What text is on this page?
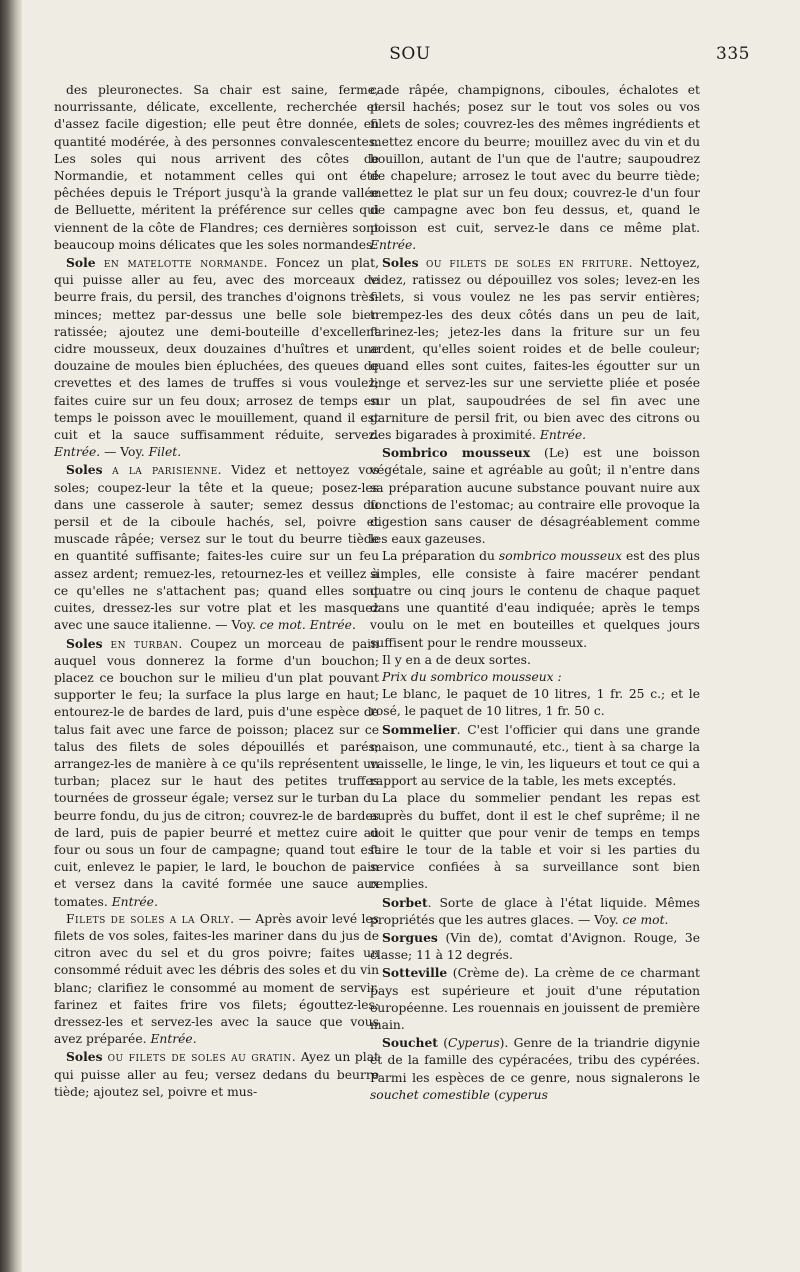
SOU	335

des pleuronectes. Sa chair est saine, ferme, nourrissante, délicate, excellente, recherchée et d'assez facile digestion; elle peut être donnée, en quantité modérée, à des personnes convalescentes. Les soles qui nous arrivent des côtes de Normandie, et notamment celles qui ont été pêchées depuis le Tréport jusqu'à la grande vallée de Belluette, méritent la préférence sur celles qui viennent de la côte de Flandres; ces dernières sont beaucoup moins délicates que les soles normandes.

Sole en matelotte normande. Foncez un plat, qui puisse aller au feu, avec des morceaux de beurre frais, du persil, des tranches d'oignons très-minces; mettez par-dessus une belle sole bien ratissée; ajoutez une demi-bouteille d'excellent cidre mousseux, deux douzaines d'huîtres et une douzaine de moules bien épluchées, des queues de crevettes et des lames de truffes si vous voulez; faites cuire sur un feu doux; arrosez de temps en temps le poisson avec le mouillement, quand il est cuit et la sauce suffisamment réduite, servez. Entrée. — Voy. Filet.

Soles a la parisienne. Videz et nettoyez vos soles; coupez-leur la tête et la queue; posez-les dans une casserole à sauter; semez dessus du persil et de la ciboule hachés, sel, poivre et muscade râpée; versez sur le tout du beurre tiède en quantité suffisante; faites-les cuire sur un feu assez ardent; remuez-les, retournez-les et veillez à ce qu'elles ne s'attachent pas; quand elles sont cuites, dressez-les sur votre plat et les masquez avec une sauce italienne. — Voy. ce mot. Entrée.

Soles en turban. Coupez un morceau de pain auquel vous donnerez la forme d'un bouchon; placez ce bouchon sur le milieu d'un plat pouvant supporter le feu; la surface la plus large en haut; entourez-le de bardes de lard, puis d'une espèce de talus fait avec une farce de poisson; placez sur ce talus des filets de soles dépouillés et parés; arrangez-les de manière à ce qu'ils représentent un turban; placez sur le haut des petites truffes tournées de grosseur égale; versez sur le turban du beurre fondu, du jus de citron; couvrez-le de bardes de lard, puis de papier beurré et mettez cuire au four ou sous un four de campagne; quand tout est cuit, enlevez le papier, le lard, le bouchon de pain et versez dans la cavité formée une sauce aux tomates. Entrée.

Filets de soles a la Orly. — Après avoir levé les filets de vos soles, faites-les mariner dans du jus de citron avec du sel et du gros poivre; faites un consommé réduit avec les débris des soles et du vin blanc; clarifiez le consommé au moment de servir, farinez et faites frire vos filets; égouttez-les; dressez-les et servez-les avec la sauce que vous avez préparée. Entrée.

Soles ou filets de soles au gratin. Ayez un plat qui puisse aller au feu; versez dedans du beurre tiède; ajoutez sel, poivre et mus-

cade râpée, champignons, ciboules, échalotes et persil hachés; posez sur le tout vos soles ou vos filets de soles; couvrez-les des mêmes ingrédients et mettez encore du beurre; mouillez avec du vin et du bouillon, autant de l'un que de l'autre; saupoudrez de chapelure; arrosez le tout avec du beurre tiède; mettez le plat sur un feu doux; couvrez-le d'un four de campagne avec bon feu dessus, et, quand le poisson est cuit, servez-le dans ce même plat. Entrée.

Soles ou filets de soles en friture. Nettoyez, videz, ratissez ou dépouillez vos soles; levez-en les filets, si vous voulez ne les pas servir entières; trempez-les des deux côtés dans un peu de lait, farinez-les; jetez-les dans la friture sur un feu ardent, qu'elles soient roides et de belle couleur; quand elles sont cuites, faites-les égoutter sur un linge et servez-les sur une serviette pliée et posée sur un plat, saupoudrées de sel fin avec une garniture de persil frit, ou bien avec des citrons ou des bigarades à proximité. Entrée.

Sombrico mousseux (Le) est une boisson végétale, saine et agréable au goût; il n'entre dans sa préparation aucune substance pouvant nuire aux fonctions de l'estomac; au contraire elle provoque la digestion sans causer de désagréablement comme les eaux gazeuses.

La préparation du sombrico mousseux est des plus simples, elle consiste à faire macérer pendant quatre ou cinq jours le contenu de chaque paquet dans une quantité d'eau indiquée; après le temps voulu on le met en bouteilles et quelques jours suffisent pour le rendre mousseux.

Il y en a de deux sortes.

Prix du sombrico mousseux :

Le blanc, le paquet de 10 litres, 1 fr. 25 c.; et le rosé, le paquet de 10 litres, 1 fr. 50 c.

Sommelier. C'est l'officier qui dans une grande maison, une communauté, etc., tient à sa charge la vaisselle, le linge, le vin, les liqueurs et tout ce qui a rapport au service de la table, les mets exceptés.

La place du sommelier pendant les repas est auprès du buffet, dont il est le chef suprême; il ne doit le quitter que pour venir de temps en temps faire le tour de la table et voir si les parties du service confiées à sa surveillance sont bien remplies.

Sorbet. Sorte de glace à l'état liquide. Mêmes propriétés que les autres glaces. — Voy. ce mot.

Sorgues (Vin de), comtat d'Avignon. Rouge, 3e classe; 11 à 12 degrés.

Sotteville (Crème de). La crème de ce charmant pays est supérieure et jouit d'une réputation européenne. Les rouennais en jouissent de première main.

Souchet (Cyperus). Genre de la triandrie digynie et de la famille des cypéracées, tribu des cypérées. Parmi les espèces de ce genre, nous signalerons le souchet comestible (cyperus
